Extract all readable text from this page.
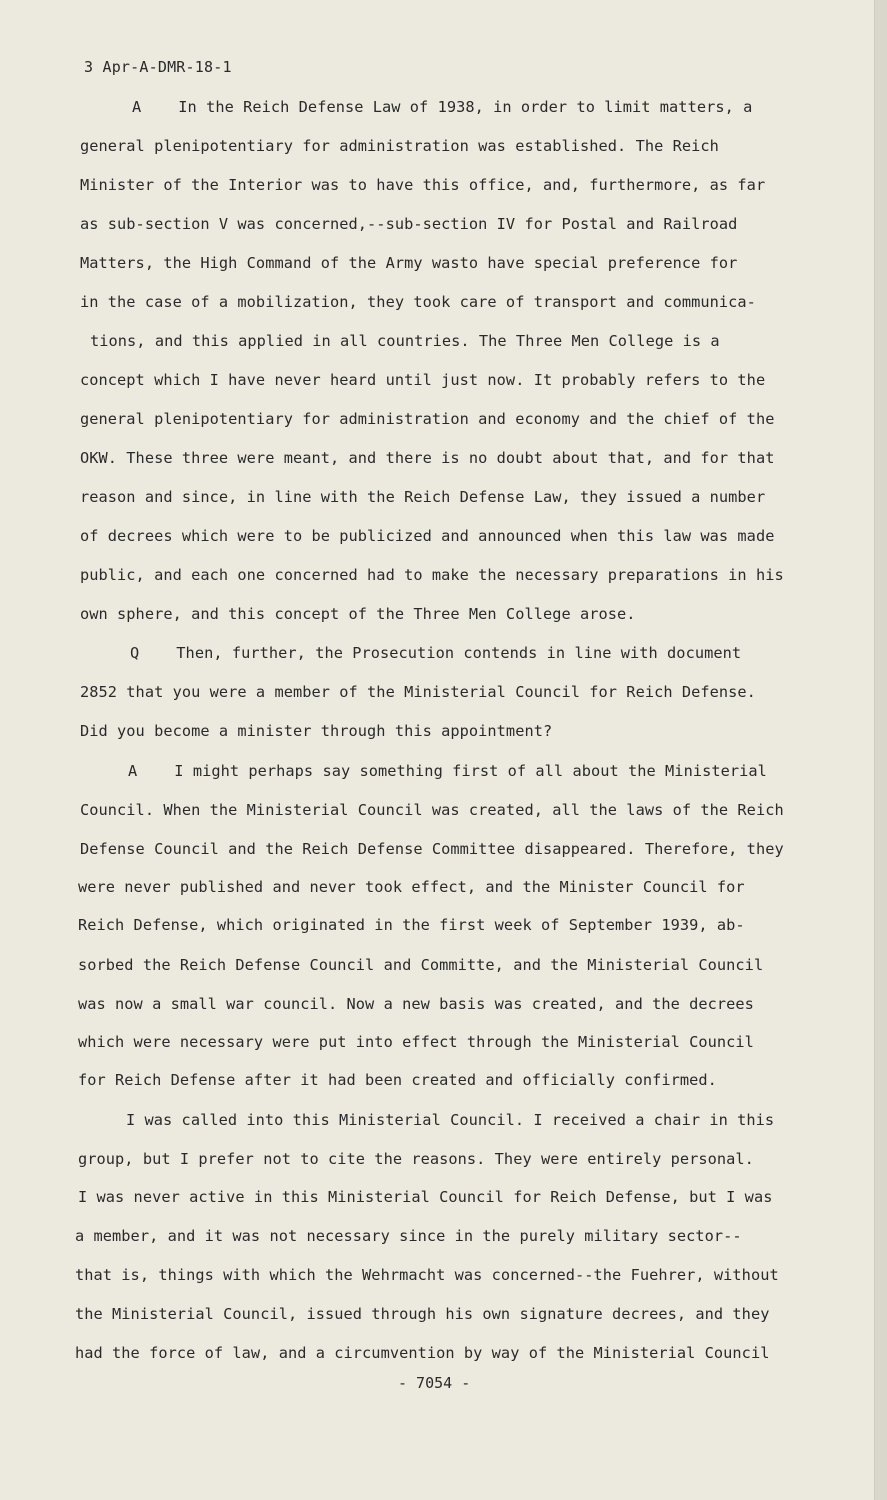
3 Apr-A-DMR-18-1
A    In the Reich Defense Law of 1938, in order to limit matters, a
general plenipotentiary for administration was established. The Reich
Minister of the Interior was to have this office, and, furthermore, as far
as sub-section V was concerned,--sub-section IV for Postal and Railroad
Matters, the High Command of the Army wasto have special preference for
in the case of a mobilization, they took care of transport and communica-
tions, and this applied in all countries. The Three Men College is a
concept which I have never heard until just now. It probably refers to the
general plenipotentiary for administration and economy and the chief of the
OKW. These three were meant, and there is no doubt about that, and for that
reason and since, in line with the Reich Defense Law, they issued a number
of decrees which were to be publicized and announced when this law was made
public, and each one concerned had to make the necessary preparations in his
own sphere, and this concept of the Three Men College arose.
Q    Then, further, the Prosecution contends in line with document
2852 that you were a member of the Ministerial Council for Reich Defense.
Did you become a minister through this appointment?
A    I might perhaps say something first of all about the Ministerial
Council. When the Ministerial Council was created, all the laws of the Reich
Defense Council and the Reich Defense Committee disappeared. Therefore, they
were never published and never took effect, and the Minister Council for
Reich Defense, which originated in the first week of September 1939, ab-
sorbed the Reich Defense Council and Committe, and the Ministerial Council
was now a small war council. Now a new basis was created, and the decrees
which were necessary were put into effect through the Ministerial Council
for Reich Defense after it had been created and officially confirmed.
I was called into this Ministerial Council. I received a chair in this
group, but I prefer not to cite the reasons. They were entirely personal.
I was never active in this Ministerial Council for Reich Defense, but I was
a member, and it was not necessary since in the purely military sector--
that is, things with which the Wehrmacht was concerned--the Fuehrer, without
the Ministerial Council, issued through his own signature decrees, and they
had the force of law, and a circumvention by way of the Ministerial Council
- 7054 -
